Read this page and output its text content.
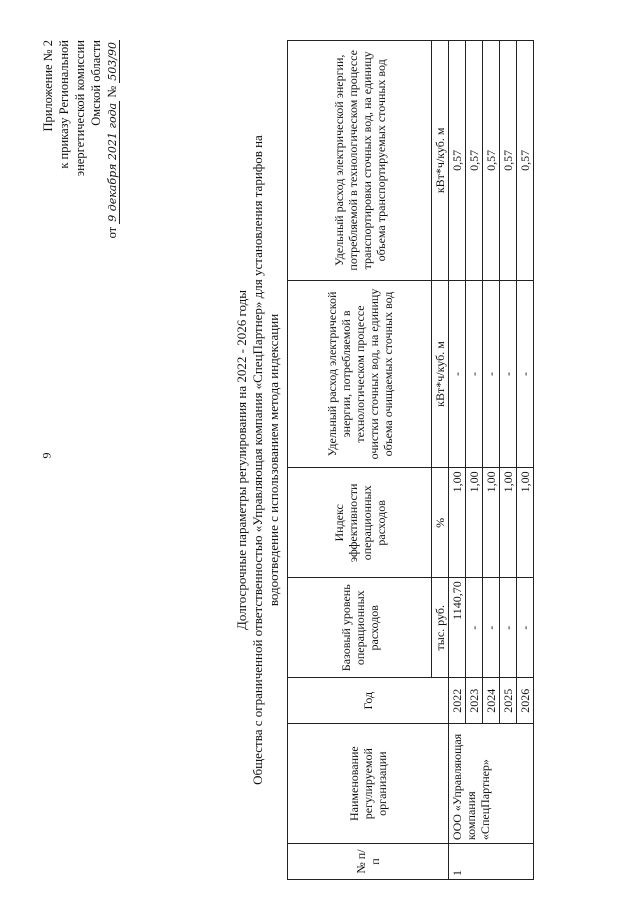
9
Приложение № 2 к приказу Региональной энергетической комиссии Омской области
от 9 декабря 2021 года № 503/90
Долгосрочные параметры регулирования на 2022 - 2026 годы Общества с ограниченной ответственностью «Управляющая компания «СпецПартнер» для установления тарифов на водоотведение с использованием метода индексации
№ п/п	Наименование регулируемой организации	Год	Базовый уровень операционных расходов	Индекс эффективности операционных расходов	Удельный расход электрической энергии, потребляемой в технологическом процессе очистки сточных вод, на единицу объема очищаемых сточных вод	Удельный расход электрической энергии, потребляемой в технологическом процессе транспортировки сточных вод, на единицу объема транспортируемых сточных вод
			тыс. руб.	%	кВт*ч/куб. м	кВт*ч/куб. м
1	ООО «Управляющая компания «СпецПартнер»	2022	1140,70	1,00	-	0,57
		2023	-	1,00	-	0,57
		2024	-	1,00	-	0,57
		2025	-	1,00	-	0,57
		2026	-	1,00	-	0,57
